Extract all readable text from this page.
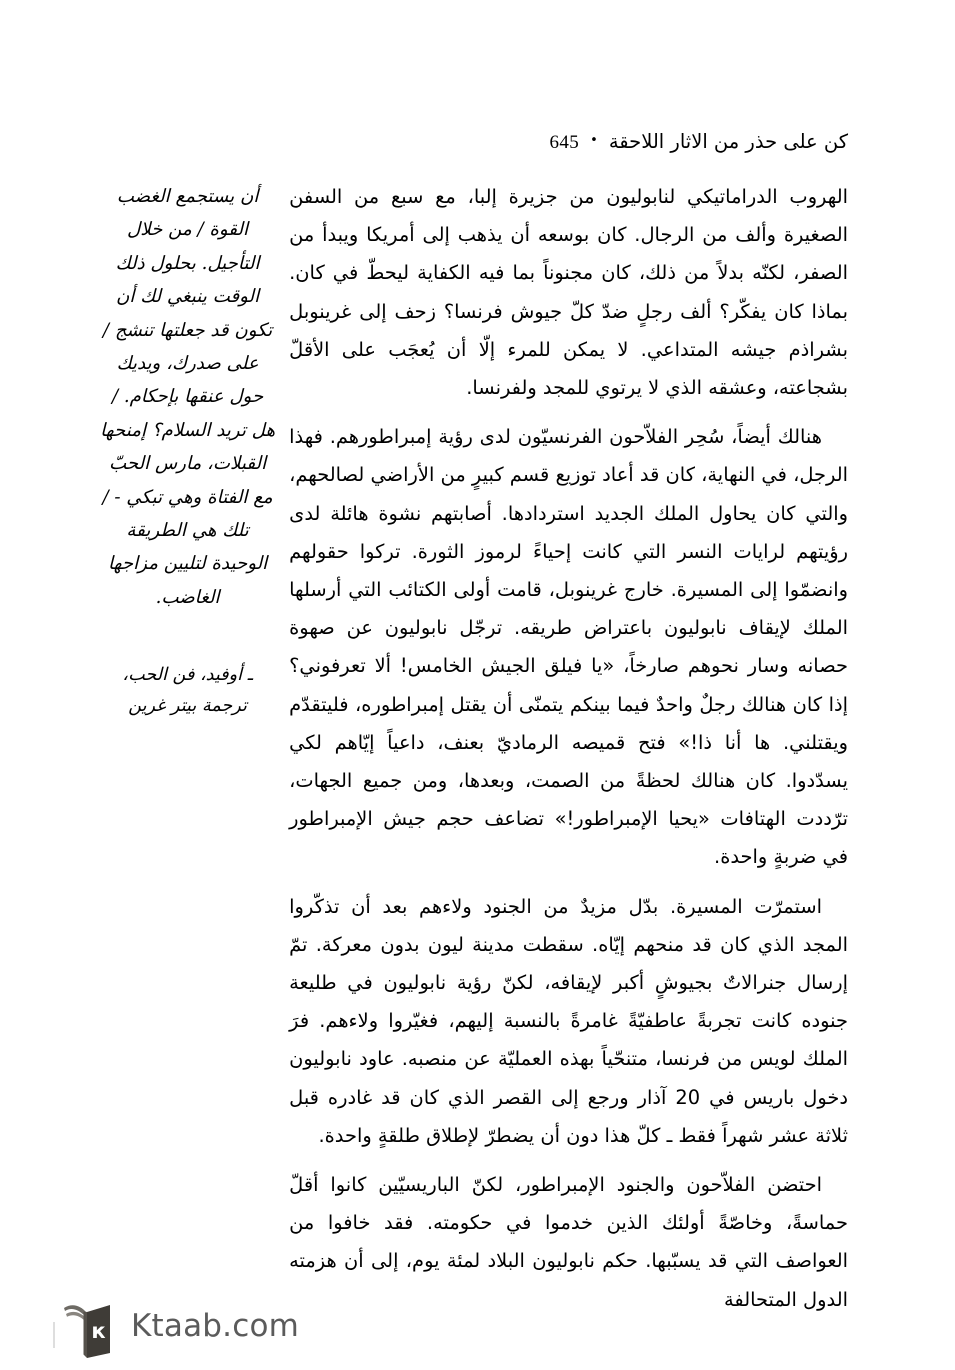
كن على حذر من الاثار اللاحقة
•
645

الهروب الدراماتيكي لنابوليون من جزيرة إلبا، مع سبع من السفن الصغيرة وألف من الرجال. كان بوسعه أن يذهب إلى أمريكا ويبدأ من الصفر، لكنّه بدلاً من ذلك، كان مجنوناً بما فيه الكفاية ليحطّ في كان. بماذا كان يفكّر؟ ألف رجلٍ ضدّ كلّ جيوش فرنسا؟ زحف إلى غرينوبل بشراذم جيشه المتداعي. لا يمكن للمرء إلّا أن يُعجَب على الأقلّ بشجاعته، وعشقه الذي لا يرتوي للمجد ولفرنسا.

هنالك أيضاً، سُحِر الفلاّحون الفرنسيّون لدى رؤية إمبراطورهم. فهذا الرجل، في النهاية، كان قد أعاد توزيع قسم كبيرٍ من الأراضي لصالحهم، والتي كان يحاول الملك الجديد استردادها. أصابتهم نشوة هائلة لدى رؤيتهم لرايات النسر التي كانت إحياءً لرموز الثورة. تركوا حقولهم وانضمّوا إلى المسيرة. خارج غرينوبل، قامت أولى الكتائب التي أرسلها الملك لإيقاف نابوليون باعتراض طريقه. ترجّل نابوليون عن صهوة حصانه وسار نحوهم صارخاً، «يا فيلق الجيش الخامس! ألا تعرفوني؟ إذا كان هنالك رجلٌ واحدٌ فيما بينكم يتمنّى أن يقتل إمبراطوره، فليتقدّم ويقتلني. ها أنا ذا!» فتح قميصه الرماديّ بعنف، داعياً إيّاهم لكي يسدّدوا. كان هنالك لحظةً من الصمت، وبعدها، ومن جميع الجهات، ترّددت الهتافات «يحيا الإمبراطور!» تضاعف حجم جيش الإمبراطور في ضربةٍ واحدة.

استمرّت المسيرة. بدّل مزيدٌ من الجنود ولاءهم بعد أن تذكّروا المجد الذي كان قد منحهم إيّاه. سقطت مدينة ليون بدون معركة. تمّ إرسال جنرالاتٌ بجيوشٍ أكبر لإيقافه، لكنّ رؤية نابوليون في طليعة جنوده كانت تجربةً عاطفيّةً غامرةً بالنسبة إليهم، فغيّروا ولاءهم. فرَ الملك لويس من فرنسا، متنحّياً بهذه العمليّة عن منصبه. عاود نابوليون دخول باريس في 20 آذار ورجع إلى القصر الذي كان قد غادره قبل ثلاثة عشر شهراً فقط ـ كلّ هذا دون أن يضطرّ لإطلاق طلقةٍ واحدة.

احتضن الفلاّحون والجنود الإمبراطور، لكنّ الباريسيّين كانوا أقلّ حماسةً، وخاصّةً أولئك الذين خدموا في حكومته. فقد خافوا من العواصف التي قد يسبّبها. حكم نابوليون البلاد لمئة يوم، إلى أن هزمته الدول المتحالفة

أن يستجمع الغضب القوة / من خلال التأجيل. بحلول ذلك الوقت ينبغي لك أن تكون قد جعلتها تنشج / على صدرك، ويديك حول عنقها بإحكام. / هل تريد السلام؟ إمنحها القبلات، مارس الحبّ مع الفتاة وهي تبكي - / تلك هي الطريقة الوحيدة لتليين مزاجها الغاضب.

ـ أوفيد، فن الحب، ترجمة بيتر غرين

к Ktaab.com
